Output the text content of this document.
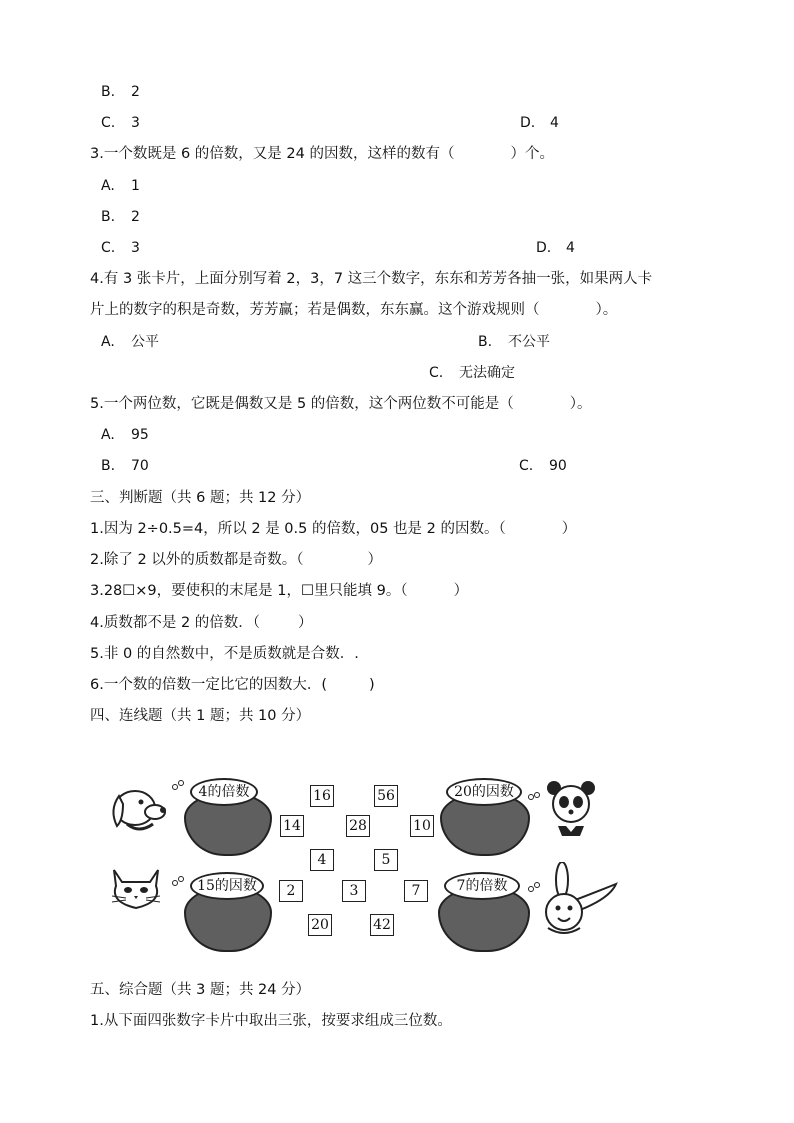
B. 2
C. 3	D. 4
3.一个数既是 6 的倍数，又是 24 的因数，这样的数有（	）个。
A. 1
B. 2
C. 3	D. 4
4.有 3 张卡片，上面分别写着 2，3，7 这三个数字，东东和芳芳各抽一张，如果两人卡
片上的数字的积是奇数，芳芳赢；若是偶数，东东赢。这个游戏规则（	）。
A. 公平	B. 不公平
C. 无法确定
5.一个两位数，它既是偶数又是 5 的倍数，这个两位数不可能是（	）。
A. 95
B. 70	C. 90
三、判断题（共 6 题；共 12 分）
1.因为 2÷0.5=4，所以 2 是 0.5 的倍数，05 也是 2 的因数。（	）
2.除了 2 以外的质数都是奇数。（	）
3.28☐×9，要使积的末尾是 1，☐里只能填 9。（	）
4.质数都不是 2 的倍数．（	）
5.非 0 的自然数中，不是质数就是合数．.
6.一个数的倍数一定比它的因数大．(	)
四、连线题（共 1 题；共 10 分）
4的倍数	20的因数
16	56
14	28	10
4	5
2	3	7
20	42
15的因数	7的倍数
五、综合题（共 3 题；共 24 分）
1.从下面四张数字卡片中取出三张，按要求组成三位数。
